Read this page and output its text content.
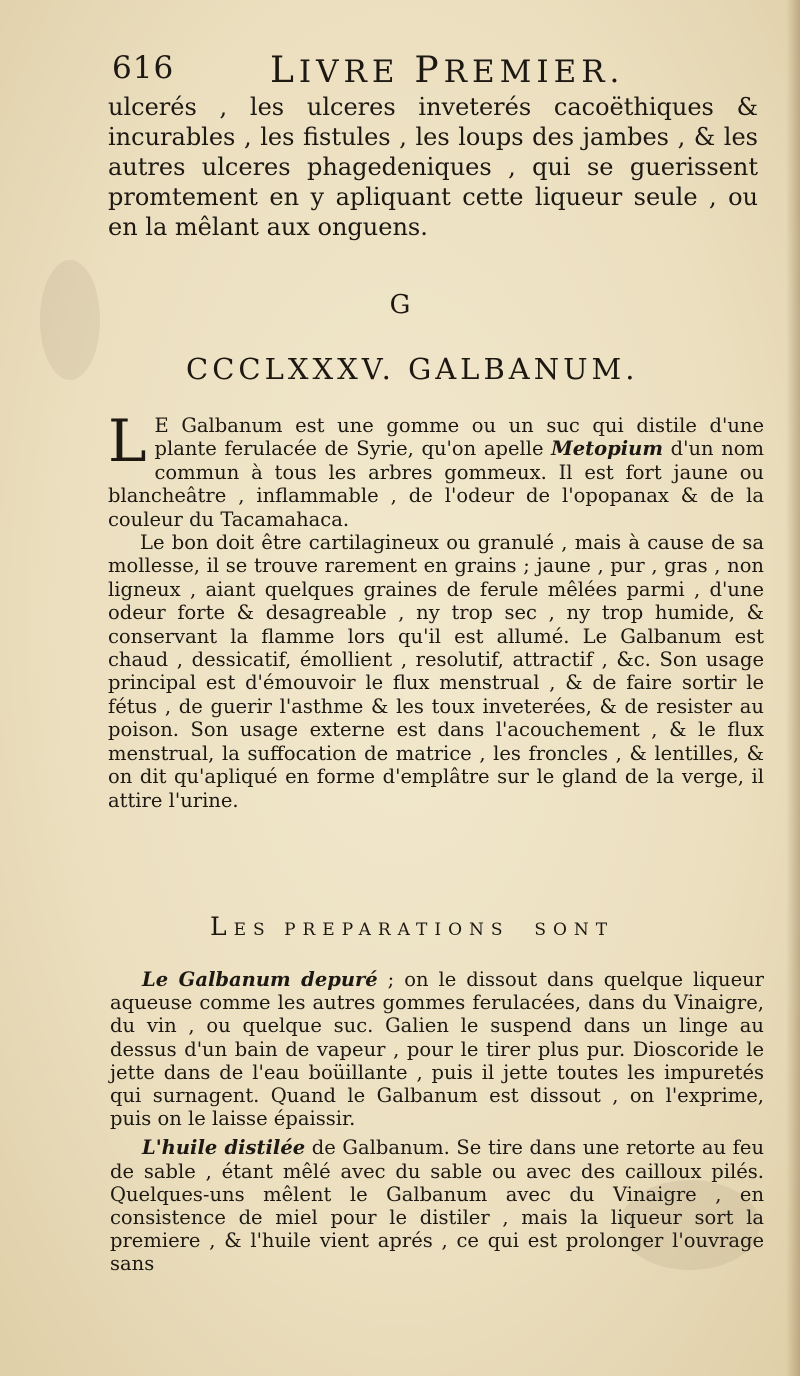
616	LIVRE PREMIER.
ulcerés , les ulceres inveterés cacoëthiques & incurables , les fistules , les loups des jambes , & les autres ulceres phagedeniques , qui se guerissent promtement en y apliquant cette liqueur seule , ou en la mêlant aux onguens.
G
CCCLXXXV. GALBANUM.

L E Galbanum est une gomme ou un suc qui distile d'une plante ferulacée de Syrie, qu'on apelle Metopium d'un nom commun à tous les arbres gommeux. Il est fort jaune ou blancheâtre , inflammable , de l'odeur de l'opopanax & de la couleur du Tacamahaca.

Le bon doit être cartilagineux ou granulé , mais à cause de sa mollesse, il se trouve rarement en grains ; jaune , pur , gras , non ligneux , aiant quelques graines de ferule mêlées parmi , d'une odeur forte & desagreable , ny trop sec , ny trop humide, & conservant la flamme lors qu'il est allumé. Le Galbanum est chaud , dessicatif, émollient , resolutif, attractif , &c. Son usage principal est d'émouvoir le flux menstrual , & de faire sortir le fétus , de guerir l'asthme & les toux inveterées, & de resister au poison. Son usage externe est dans l'acouchement , & le flux menstrual, la suffocation de matrice , les froncles , & lentilles, & on dit qu'apliqué en forme d'emplâtre sur le gland de la verge, il attire l'urine.

LES PREPARATIONS SONT

Le Galbanum depuré ; on le dissout dans quelque liqueur aqueuse comme les autres gommes ferulacées, dans du Vinaigre, du vin , ou quelque suc. Galien le suspend dans un linge au dessus d'un bain de vapeur , pour le tirer plus pur. Dioscoride le jette dans de l'eau boüillante , puis il jette toutes les impuretés qui surnagent. Quand le Galbanum est dissout , on l'exprime, puis on le laisse épaissir.

L'huile distilée de Galbanum. Se tire dans une retorte au feu de sable , étant mêlé avec du sable ou avec des cailloux pilés. Quelques-uns mêlent le Galbanum avec du Vinaigre , en consistence de miel pour le distiler , mais la liqueur sort la premiere , & l'huile vient aprés , ce qui est prolonger l'ouvrage sans
